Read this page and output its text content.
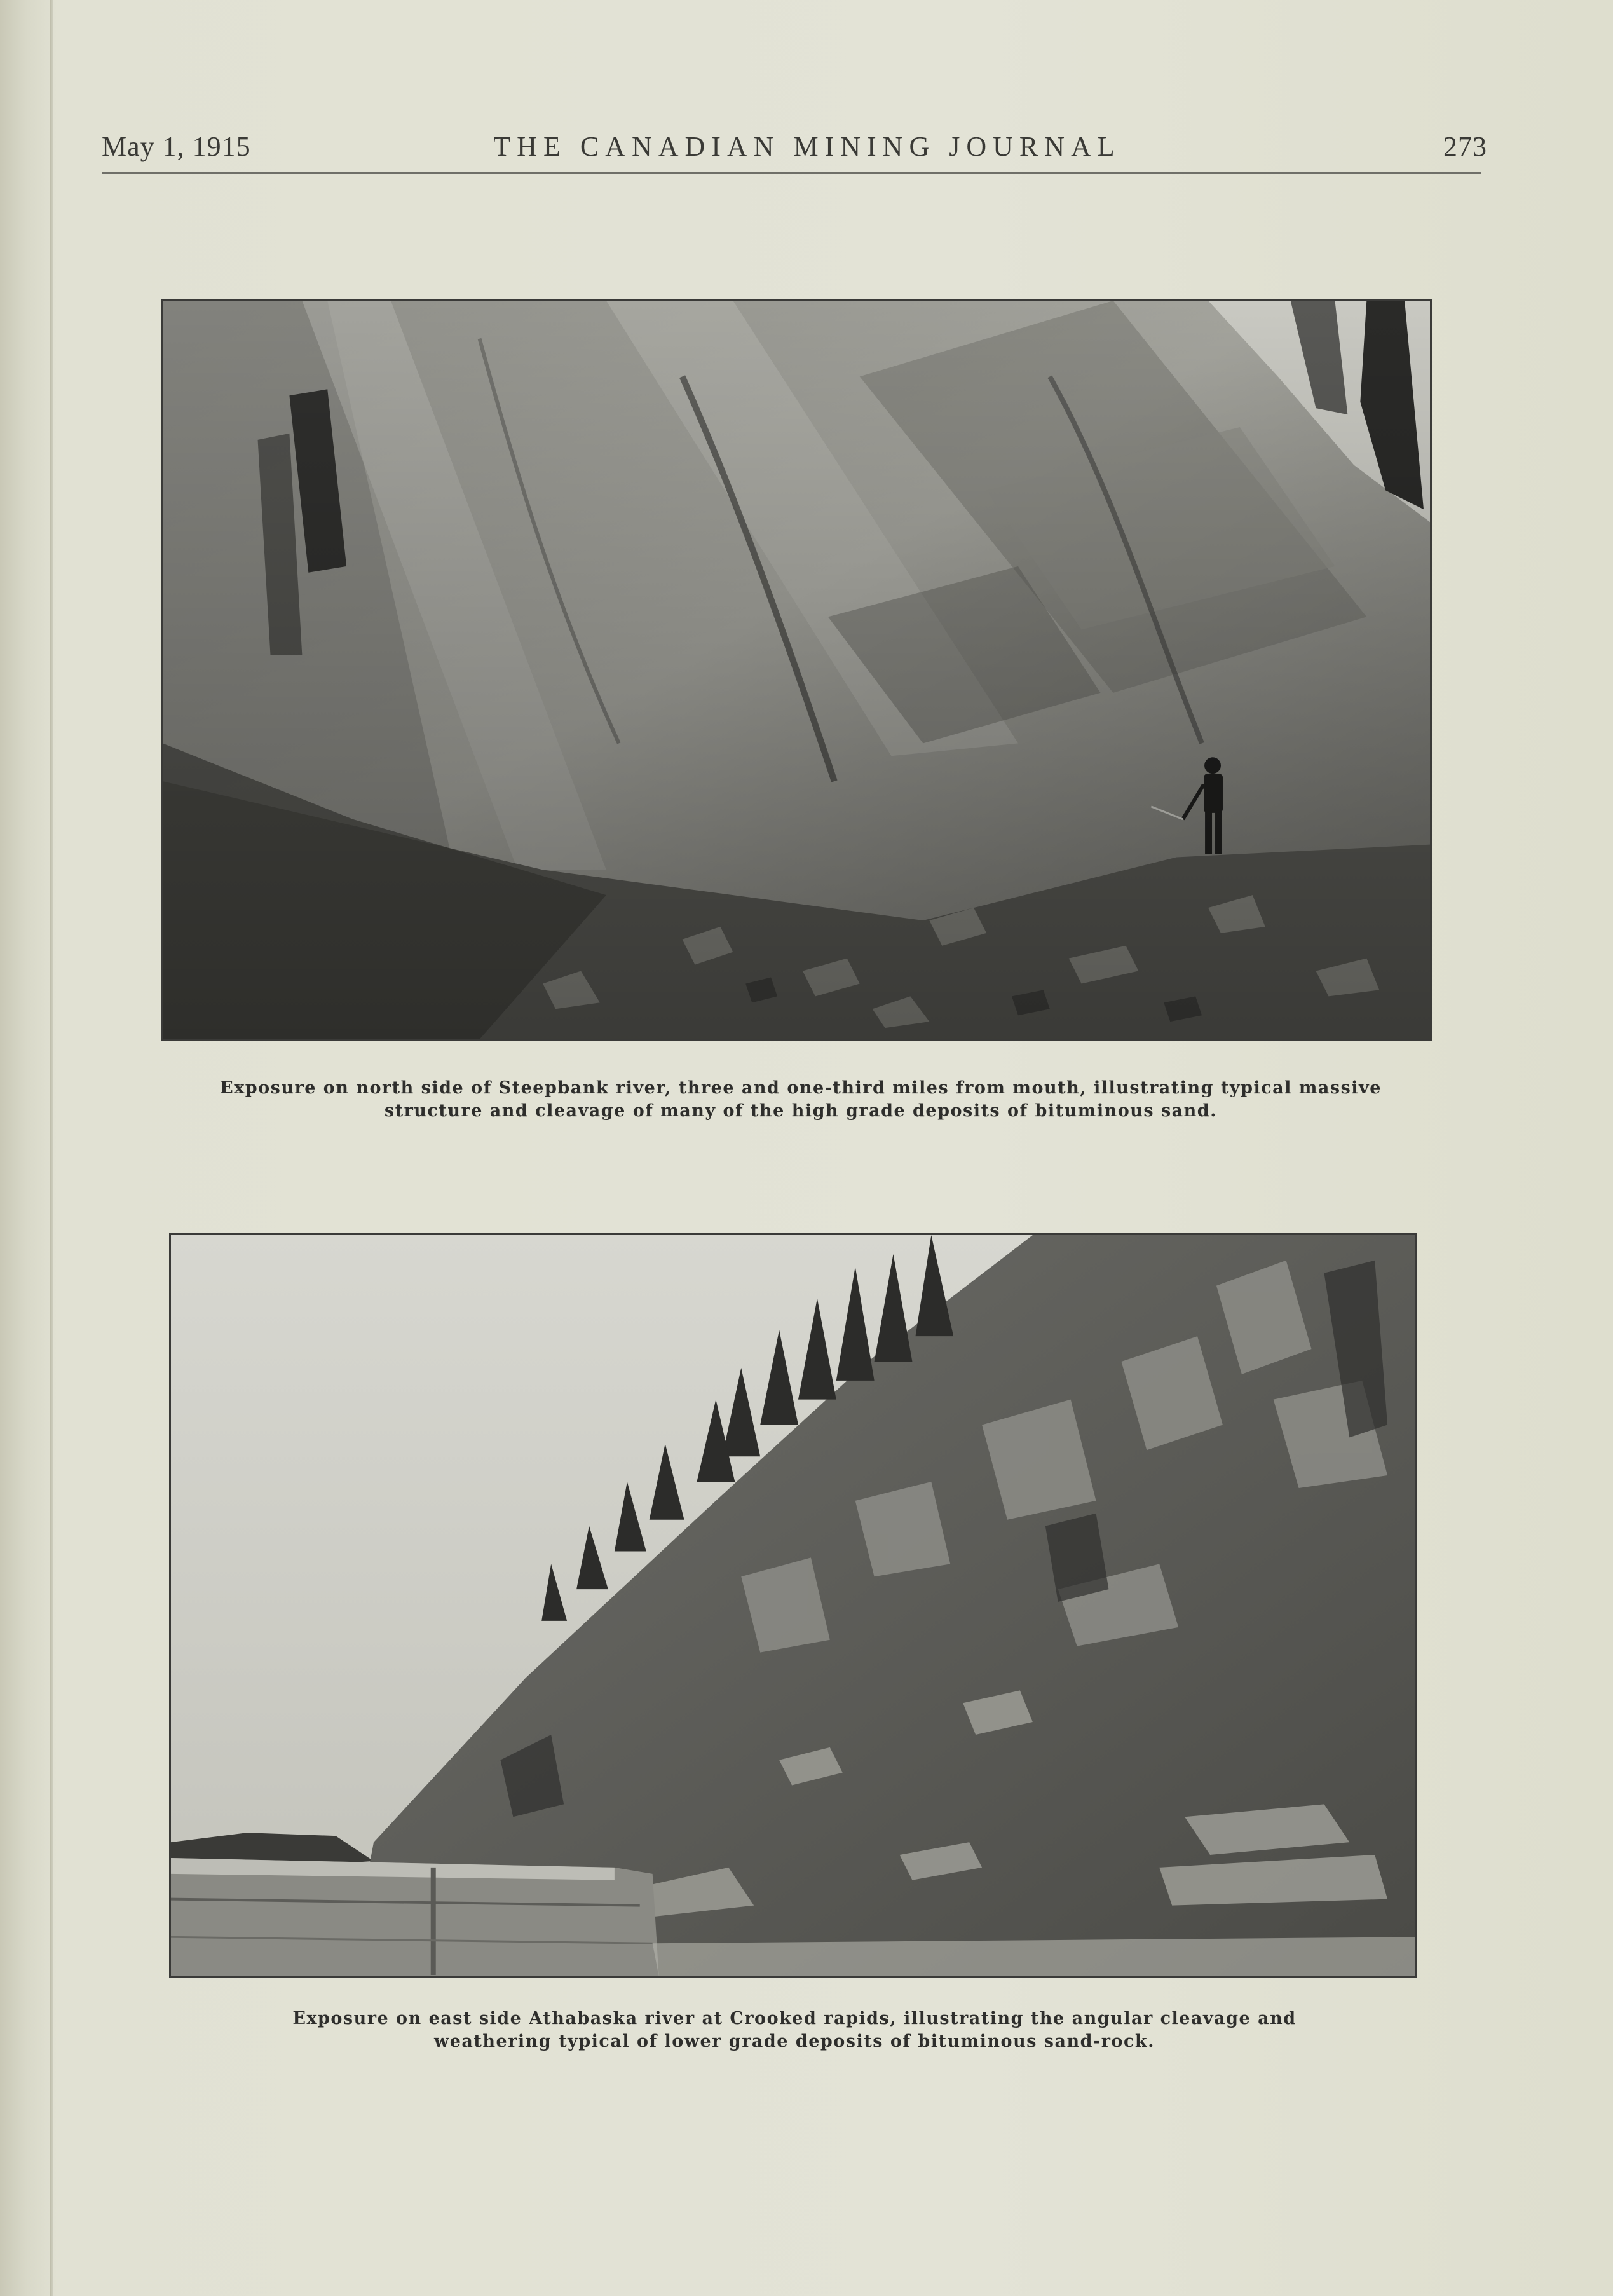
May 1, 1915	THE CANADIAN MINING JOURNAL	273
Exposure on north side of Steepbank river, three and one-third miles from mouth, illustrating typical massive
structure and cleavage of many of the high grade deposits of bituminous sand.
Exposure on east side Athabaska river at Crooked rapids, illustrating the angular cleavage and
weathering typical of lower grade deposits of bituminous sand-rock.
